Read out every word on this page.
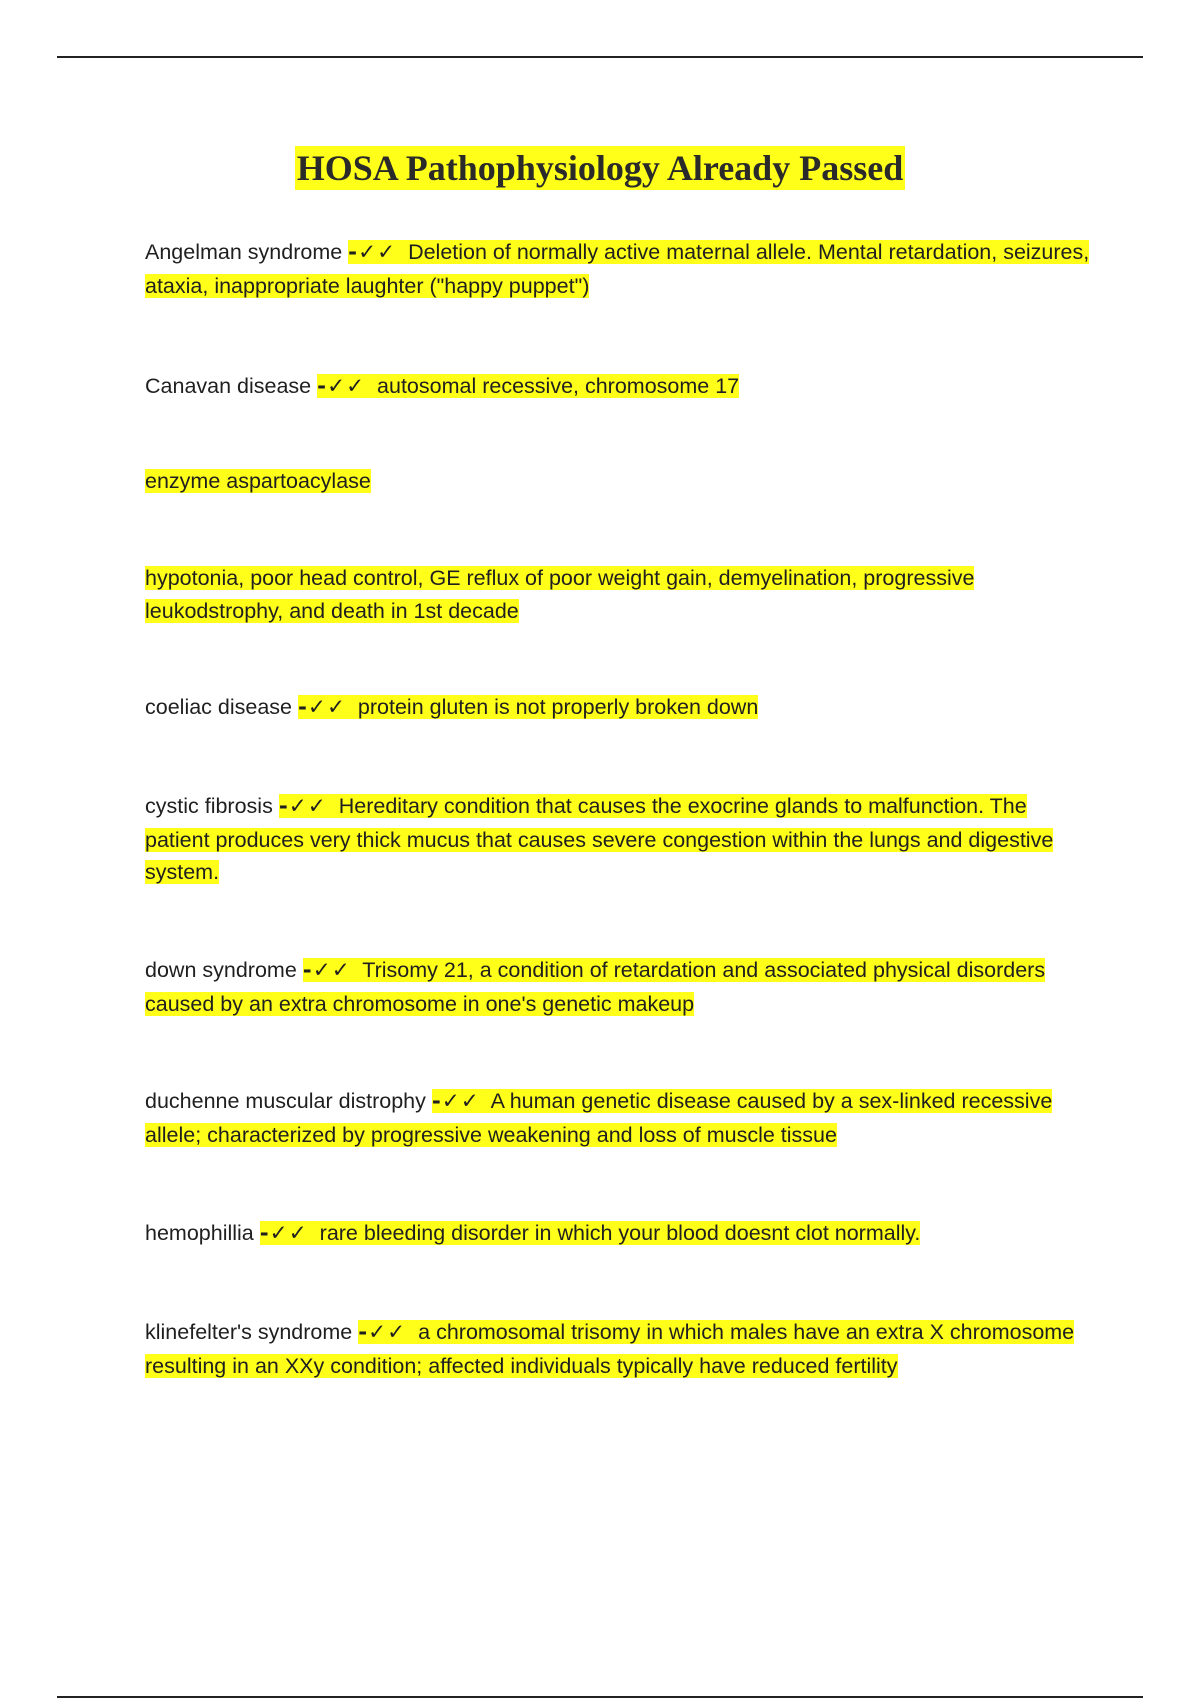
HOSA Pathophysiology Already Passed
Angelman syndrome -✓✓ Deletion of normally active maternal allele. Mental retardation, seizures, ataxia, inappropriate laughter ("happy puppet")
Canavan disease -✓✓ autosomal recessive, chromosome 17
enzyme aspartoacylase
hypotonia, poor head control, GE reflux of poor weight gain, demyelination, progressive leukodstrophy, and death in 1st decade
coeliac disease -✓✓ protein gluten is not properly broken down
cystic fibrosis -✓✓ Hereditary condition that causes the exocrine glands to malfunction. The patient produces very thick mucus that causes severe congestion within the lungs and digestive system.
down syndrome -✓✓ Trisomy 21, a condition of retardation and associated physical disorders caused by an extra chromosome in one's genetic makeup
duchenne muscular distrophy -✓✓ A human genetic disease caused by a sex-linked recessive allele; characterized by progressive weakening and loss of muscle tissue
hemophillia -✓✓ rare bleeding disorder in which your blood doesnt clot normally.
klinefelter's syndrome -✓✓ a chromosomal trisomy in which males have an extra X chromosome resulting in an XXy condition; affected individuals typically have reduced fertility
